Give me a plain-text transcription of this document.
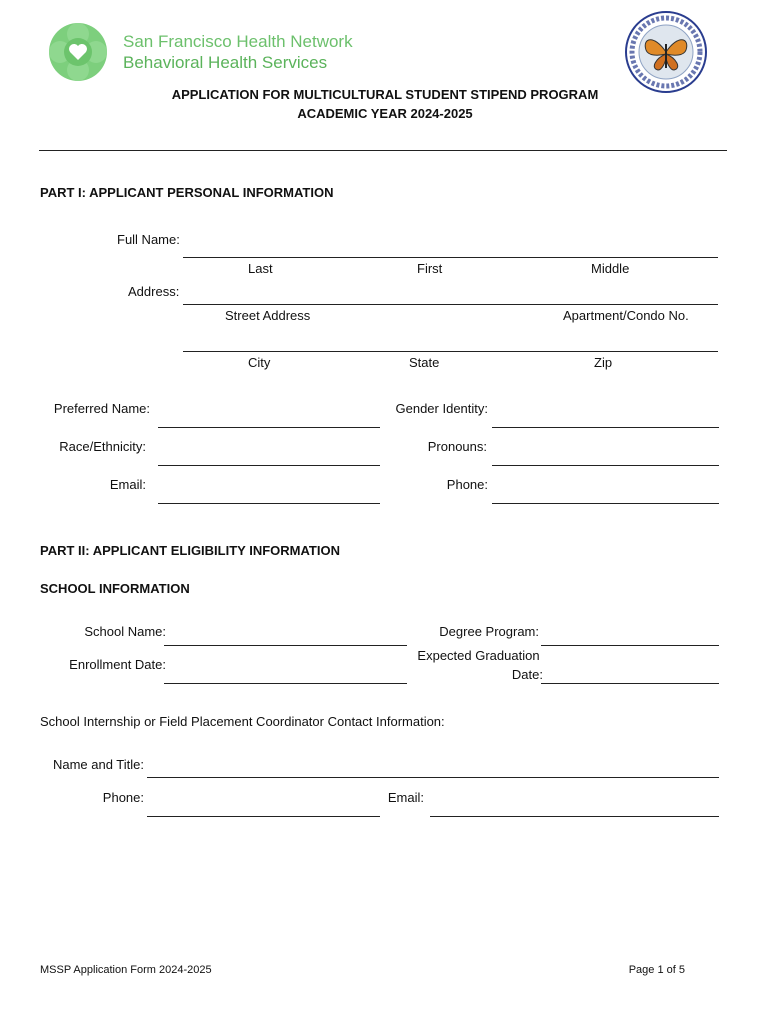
San Francisco Health Network
Behavioral Health Services
APPLICATION FOR MULTICULTURAL STUDENT STIPEND PROGRAM
ACADEMIC YEAR 2024-2025
PART I: APPLICANT PERSONAL INFORMATION
Full Name:
Last	First	Middle
Address:
Street Address	Apartment/Condo No.
City	State	Zip
Preferred Name:	Gender Identity:
Race/Ethnicity:	Pronouns:
Email:	Phone:
PART II: APPLICANT ELIGIBILITY INFORMATION
SCHOOL INFORMATION
School Name:	Degree Program:
Enrollment Date:
Expected Graduation
Date:
School Internship or Field Placement Coordinator Contact Information:
Name and Title:
Phone:	Email:
MSSP Application Form 2024-2025	Page 1 of 5
